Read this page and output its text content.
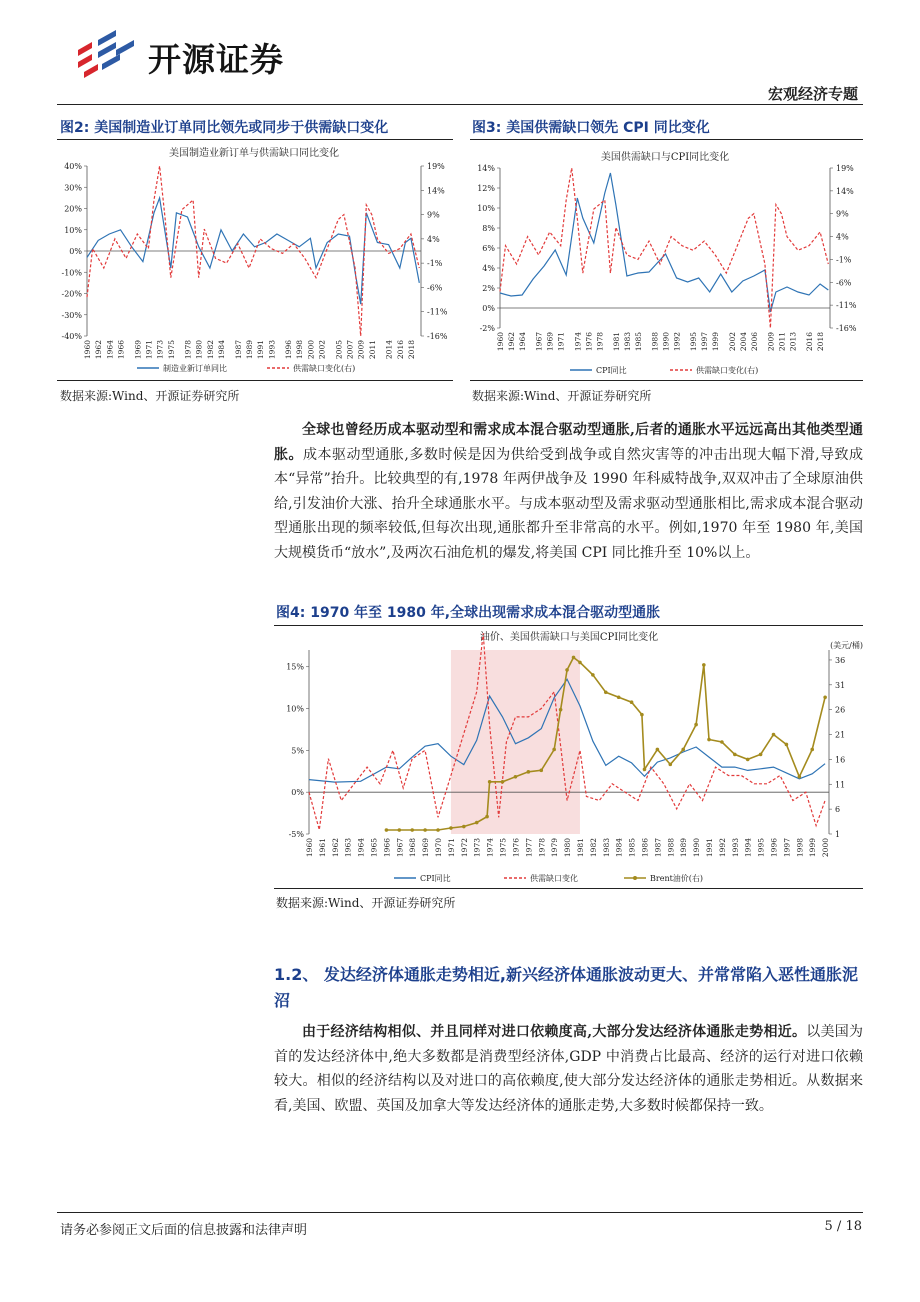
开源证券
宏观经济专题
图2: 美国制造业订单同比领先或同步于供需缺口变化
美国制造业新订单与供需缺口同比变化
40%
30%
20%
10%
0%
-10%
-20%
-30%
-40%
19%
14%
9%
4%
-1%
-6%
-11%
-16%
1960 1962 1964 1966 1969 1971 1973 1975 1978 1980 1982 1984 1987 1989 1991 1993 1996 1998 2000 2002 2005 2007 2009 2011 2014 2016 2018
制造业新订单同比	供需缺口变化(右)
数据来源:Wind、开源证券研究所
图3: 美国供需缺口领先 CPI 同比变化
美国供需缺口与CPI同比变化
14%
12%
10%
8%
6%
4%
2%
0%
-2%
19%
14%
9%
4%
-1%
-6%
-11%
-16%
1960 1962 1964 1967 1969 1971 1974 1976 1978 1981 1983 1985 1988 1990 1992 1995 1997 1999 2002 2004 2006 2009 2011 2013 2016 2018
CPI同比	供需缺口变化(右)
数据来源:Wind、开源证券研究所
全球也曾经历成本驱动型和需求成本混合驱动型通胀,后者的通胀水平远远高出其他类型通胀。成本驱动型通胀,多数时候是因为供给受到战争或自然灾害等的冲击出现大幅下滑,导致成本“异常”抬升。比较典型的有,1978 年两伊战争及 1990 年科威特战争,双双冲击了全球原油供给,引发油价大涨、抬升全球通胀水平。与成本驱动型及需求驱动型通胀相比,需求成本混合驱动型通胀出现的频率较低,但每次出现,通胀都升至非常高的水平。例如,1970 年至 1980 年,美国大规模货币“放水”,及两次石油危机的爆发,将美国 CPI 同比推升至 10%以上。
图4: 1970 年至 1980 年,全球出现需求成本混合驱动型通胀
油价、美国供需缺口与美国CPI同比变化
(美元/桶)
15%
10%
5%
0%
-5%
36
31
26
21
16
11
6
1
1960 1961 1962 1963 1964 1965 1966 1967 1968 1969 1970 1971 1972 1973 1974 1975 1976 1977 1978 1979 1980 1981 1982 1983 1984 1985 1986 1987 1988 1989 1990 1991 1992 1993 1994 1995 1996 1997 1998 1999 2000
CPI同比	供需缺口变化	Brent油价(右)
数据来源:Wind、开源证券研究所
1.2、 发达经济体通胀走势相近,新兴经济体通胀波动更大、并常常陷入恶性通胀泥沼
由于经济结构相似、并且同样对进口依赖度高,大部分发达经济体通胀走势相近。以美国为首的发达经济体中,绝大多数都是消费型经济体,GDP 中消费占比最高、经济的运行对进口依赖较大。相似的经济结构以及对进口的高依赖度,使大部分发达经济体的通胀走势相近。从数据来看,美国、欧盟、英国及加拿大等发达经济体的通胀走势,大多数时候都保持一致。
请务必参阅正文后面的信息披露和法律声明	5 / 18
